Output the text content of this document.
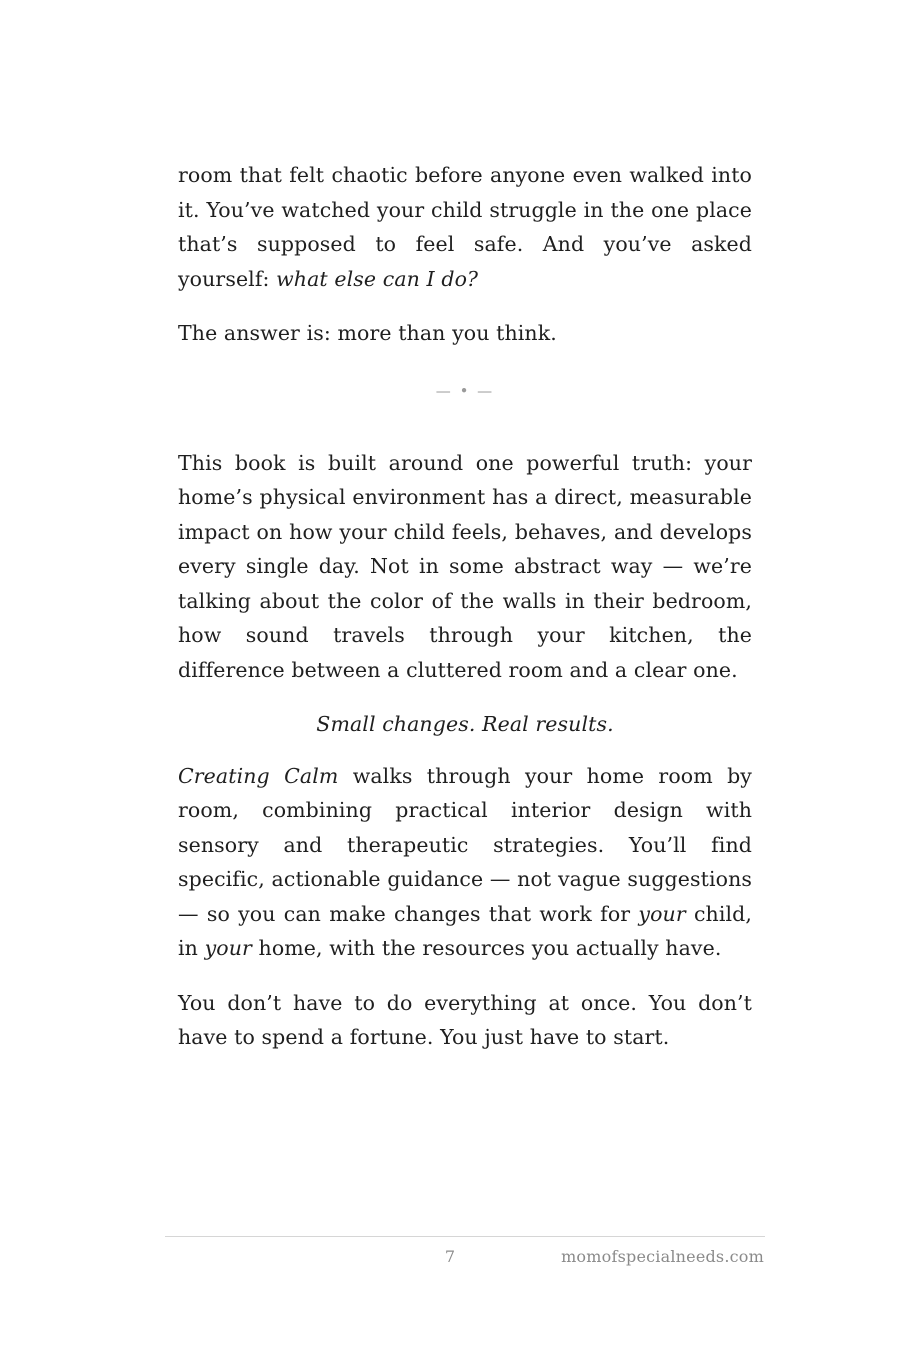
room that felt chaotic before anyone even walked into it. You’ve watched your child struggle in the one place that’s supposed to feel safe. And you’ve asked yourself: what else can I do?

The answer is: more than you think.

— • —

This book is built around one powerful truth: your home’s physical environment has a direct, measurable impact on how your child feels, behaves, and develops every single day. Not in some abstract way — we’re talking about the color of the walls in their bedroom, how sound travels through your kitchen, the difference between a cluttered room and a clear one.

Small changes. Real results.

Creating Calm walks through your home room by room, combining practical interior design with sensory and therapeutic strategies. You’ll find specific, actionable guidance — not vague suggestions — so you can make changes that work for your child, in your home, with the resources you actually have.

You don’t have to do everything at once. You don’t have to spend a fortune. You just have to start.

7	momofspecialneeds.com
